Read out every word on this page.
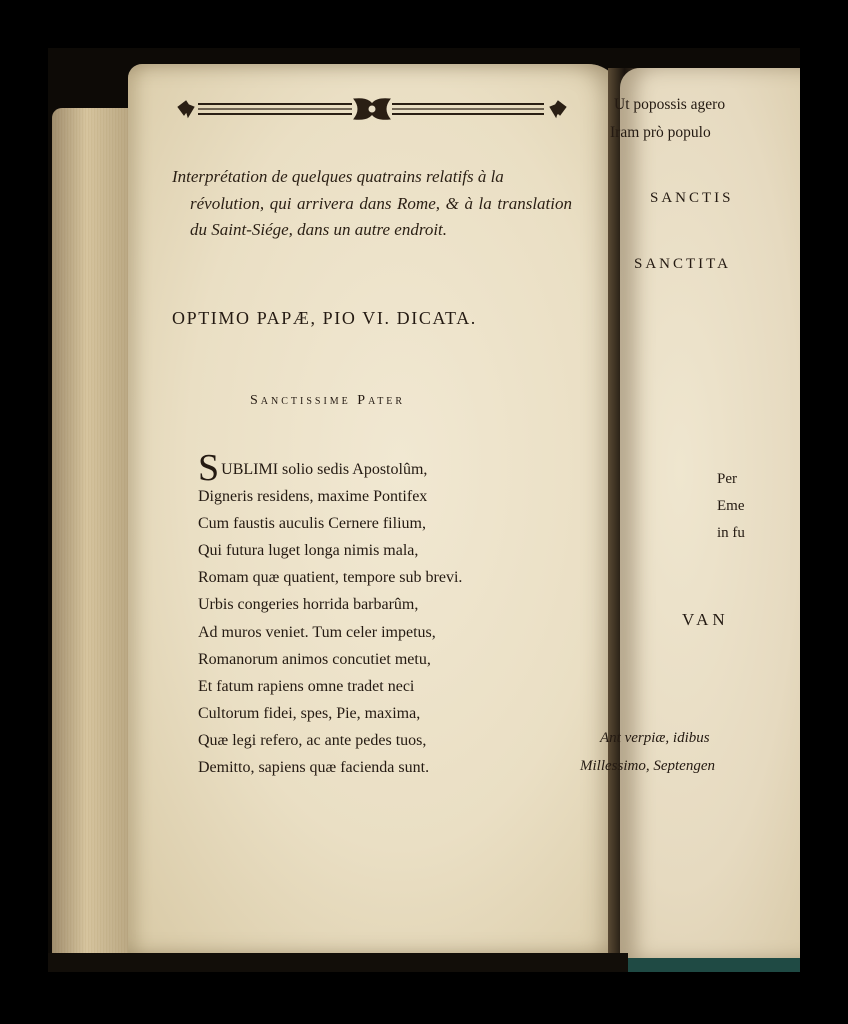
Interprétation de quelques quatrains relatifs à la
révolution, qui arrivera dans Rome, & à la translation du Saint-Siége, dans un autre endroit.
OPTIMO PAPÆ, PIO VI. DICATA.
Sanctissime Pater
SUBLIMI solio sedis Apostolûm,
Digneris residens, maxime Pontifex
Cum faustis auculis Cernere filium,
Qui futura luget longa nimis mala,
Romam quæ quatient, tempore sub brevi.
Urbis congeries horrida barbarûm,
Ad muros veniet. Tum celer impetus,
Romanorum animos concutiet metu,
Et fatum rapiens omne tradet neci
Cultorum fidei, spes, Pie, maxima,
Quæ legi refero, ac ante pedes tuos,
Demitto, sapiens quæ facienda sunt.
Ut popossis agero
Iram prò populo
SANCTIS
SANCTITA
Per
Eme
in fu
VAN
Ant verpiæ, idibus
Millessimo, Septengen
